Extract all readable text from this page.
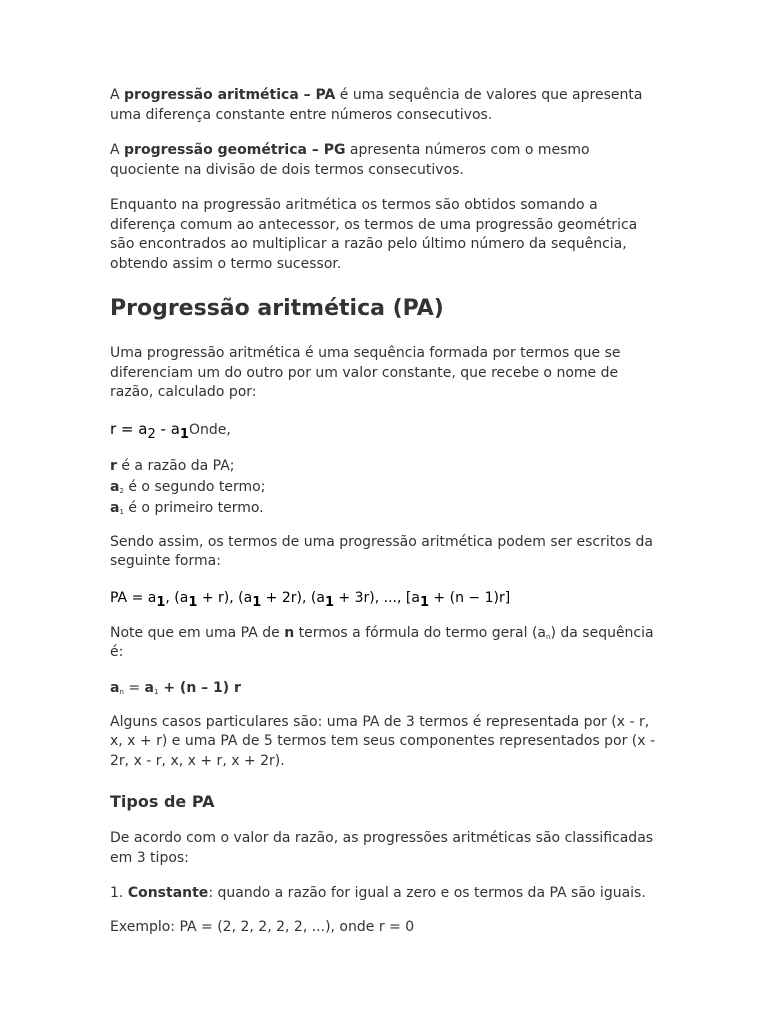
A progressão aritmética – PA é uma sequência de valores que apresenta uma diferença constante entre números consecutivos.

A progressão geométrica – PG apresenta números com o mesmo quociente na divisão de dois termos consecutivos.

Enquanto na progressão aritmética os termos são obtidos somando a diferença comum ao antecessor, os termos de uma progressão geométrica são encontrados ao multiplicar a razão pelo último número da sequência, obtendo assim o termo sucessor.

Progressão aritmética (PA)

Uma progressão aritmética é uma sequência formada por termos que se diferenciam um do outro por um valor constante, que recebe o nome de razão, calculado por:

$r = a_2$ - $a_1Onde$,

r é a razão da PA;

a2 é o segundo termo;

a1 é o primeiro termo.

Sendo assim, os termos de uma progressão aritmética podem ser escritos da seguinte forma:

PA = $a_1$, $(a_1 + r)$, $(a_1 + 2r)$, $(a_1 + 3r)$, ..., $[a_1 + (n - 1)r]$

Note que em uma PA de n termos a fórmula do termo geral (an) da sequência é:

an = a1 + (n – 1) r

Alguns casos particulares são: uma PA de 3 termos é representada por (x - r, x, x + r) e uma PA de 5 termos tem seus componentes representados por (x - 2r, x - r, x, x + r, x + 2r).

Tipos de PA

De acordo com o valor da razão, as progressões aritméticas são classificadas em 3 tipos:

1. Constante: quando a razão for igual a zero e os termos da PA são iguais.

Exemplo: PA = (2, 2, 2, 2, 2, ...), onde r = 0
